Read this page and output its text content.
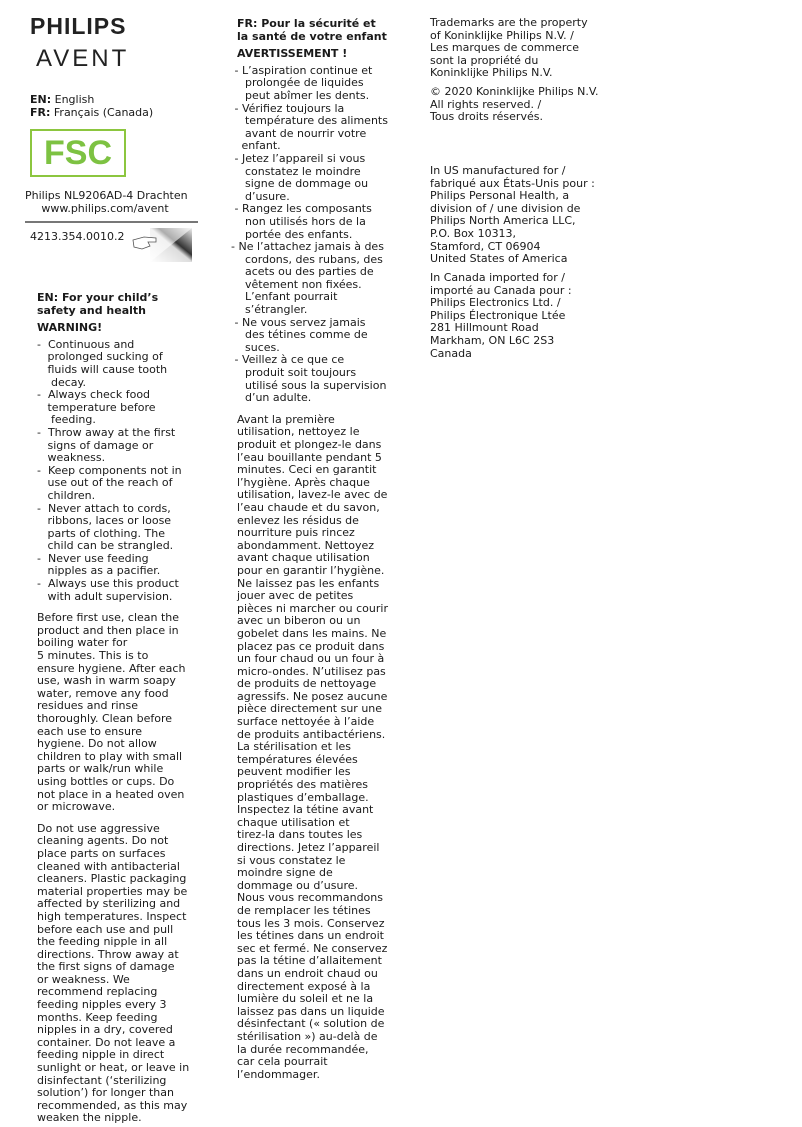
PHILIPS
AVENT
EN: English
FR: Français (Canada)
FSC
Philips NL9206AD-4 Drachten
www.philips.com/avent
4213.354.0010.2
EN: For your child’s
safety and health
WARNING!
-  Continuous and
prolonged sucking of
fluids will cause tooth
decay.
-  Always check food
temperature before
feeding.
-  Throw away at the first
signs of damage or
weakness.
-  Keep components not in
use out of the reach of
children.
-  Never attach to cords,
ribbons, laces or loose
parts of clothing. The
child can be strangled.
-  Never use feeding
nipples as a pacifier.
-  Always use this product
with adult supervision.
Before first use, clean the
product and then place in
boiling water for
5 minutes. This is to
ensure hygiene. After each
use, wash in warm soapy
water, remove any food
residues and rinse
thoroughly. Clean before
each use to ensure
hygiene. Do not allow
children to play with small
parts or walk/run while
using bottles or cups. Do
not place in a heated oven
or microwave.
Do not use aggressive
cleaning agents. Do not
place parts on surfaces
cleaned with antibacterial
cleaners. Plastic packaging
material properties may be
affected by sterilizing and
high temperatures. Inspect
before each use and pull
the feeding nipple in all
directions. Throw away at
the first signs of damage
or weakness. We
recommend replacing
feeding nipples every 3
months. Keep feeding
nipples in a dry, covered
container. Do not leave a
feeding nipple in direct
sunlight or heat, or leave in
disinfectant (‘sterilizing
solution’) for longer than
recommended, as this may
weaken the nipple.
FR: Pour la sécurité et
la santé de votre enfant
AVERTISSEMENT !
- L’aspiration continue et
prolongée de liquides
peut abîmer les dents.
- Vérifiez toujours la
température des aliments
avant de nourrir votre
enfant.
- Jetez l’appareil si vous
constatez le moindre
signe de dommage ou
d’usure.
- Rangez les composants
non utilisés hors de la
portée des enfants.
- Ne l’attachez jamais à des
cordons, des rubans, des
acets ou des parties de
vêtement non fixées.
L’enfant pourrait
s’étrangler.
- Ne vous servez jamais
des tétines comme de
suces.
- Veillez à ce que ce
produit soit toujours
utilisé sous la supervision
d’un adulte.
Avant la première
utilisation, nettoyez le
produit et plongez-le dans
l’eau bouillante pendant 5
minutes. Ceci en garantit
l’hygiène. Après chaque
utilisation, lavez-le avec de
l’eau chaude et du savon,
enlevez les résidus de
nourriture puis rincez
abondamment. Nettoyez
avant chaque utilisation
pour en garantir l’hygiène.
Ne laissez pas les enfants
jouer avec de petites
pièces ni marcher ou courir
avec un biberon ou un
gobelet dans les mains. Ne
placez pas ce produit dans
un four chaud ou un four à
micro-ondes. N’utilisez pas
de produits de nettoyage
agressifs. Ne posez aucune
pièce directement sur une
surface nettoyée à l’aide
de produits antibactériens.
La stérilisation et les
températures élevées
peuvent modifier les
propriétés des matières
plastiques d’emballage.
Inspectez la tétine avant
chaque utilisation et
tirez-la dans toutes les
directions. Jetez l’appareil
si vous constatez le
moindre signe de
dommage ou d’usure.
Nous vous recommandons
de remplacer les tétines
tous les 3 mois. Conservez
les tétines dans un endroit
sec et fermé. Ne conservez
pas la tétine d’allaitement
dans un endroit chaud ou
directement exposé à la
lumière du soleil et ne la
laissez pas dans un liquide
désinfectant (« solution de
stérilisation ») au-delà de
la durée recommandée,
car cela pourrait
l’endommager.
Trademarks are the property
of Koninklijke Philips N.V. /
Les marques de commerce
sont la propriété du
Koninklijke Philips N.V.
© 2020 Koninklijke Philips N.V.
All rights reserved. /
Tous droits réservés.
In US manufactured for /
fabriqué aux États-Unis pour :
Philips Personal Health, a
division of / une division de
Philips North America LLC,
P.O. Box 10313,
Stamford, CT 06904
United States of America
In Canada imported for /
importé au Canada pour :
Philips Electronics Ltd. /
Philips Électronique Ltée
281 Hillmount Road
Markham, ON L6C 2S3
Canada
